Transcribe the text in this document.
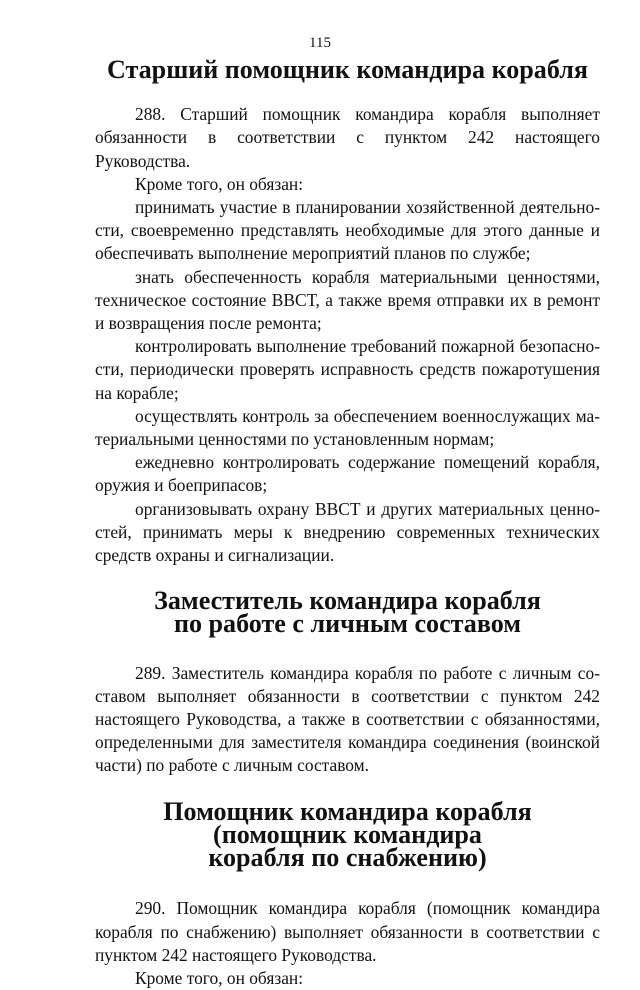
115
Старший помощник командира корабля

288. Старший помощник командира корабля выполняет обязанности в соответствии с пунктом 242 настоящего Руководства.

Кроме того, он обязан:

принимать участие в планировании хозяйственной деятельности, своевременно представлять необходимые для этого данные и обеспечивать выполнение мероприятий планов по службе;

знать обеспеченность корабля материальными ценностями, техническое состояние ВВСТ, а также время отправки их в ремонт и возвращения после ремонта;

контролировать выполнение требований пожарной безопасности, периодически проверять исправность средств пожаротушения на корабле;

осуществлять контроль за обеспечением военнослужащих материальными ценностями по установленным нормам;

ежедневно контролировать содержание помещений корабля, оружия и боеприпасов;

организовывать охрану ВВСТ и других материальных ценностей, принимать меры к внедрению современных технических средств охраны и сигнализации.

Заместитель командира корабля
по работе с личным составом

289. Заместитель командира корабля по работе с личным составом выполняет обязанности в соответствии с пунктом 242 настоящего Руководства, а также в соответствии с обязанностями, определенными для заместителя командира соединения (воинской части) по работе с личным составом.

Помощник командира корабля (помощник командира
корабля по снабжению)

290. Помощник командира корабля (помощник командира корабля по снабжению) выполняет обязанности в соответствии с пунктом 242 настоящего Руководства.

Кроме того, он обязан:
